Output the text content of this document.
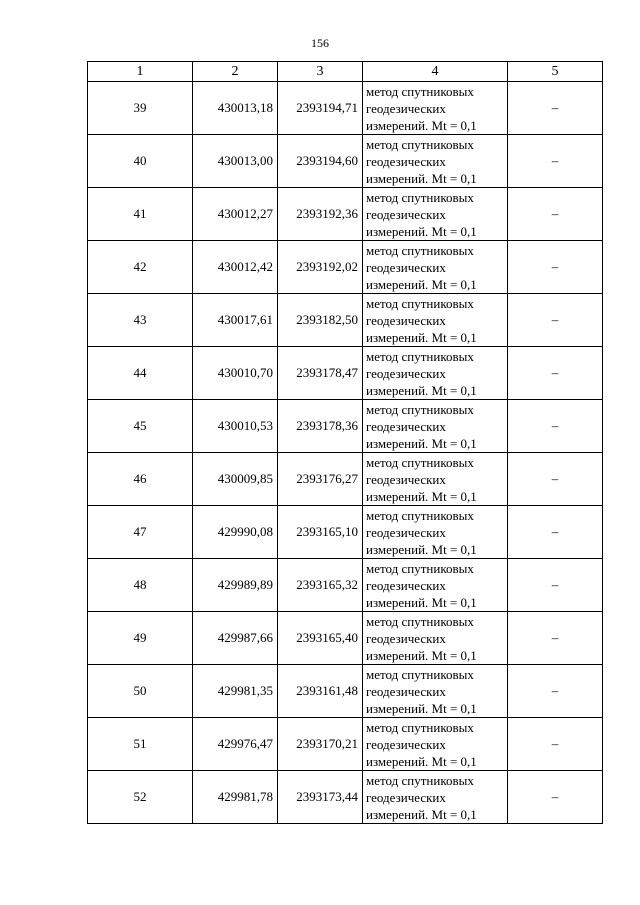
156
1	2	3	4	5
39	430013,18	2393194,71	метод спутниковых
геодезических
измерений. Mt = 0,1	–
40	430013,00	2393194,60	метод спутниковых
геодезических
измерений. Mt = 0,1	–
41	430012,27	2393192,36	метод спутниковых
геодезических
измерений. Mt = 0,1	–
42	430012,42	2393192,02	метод спутниковых
геодезических
измерений. Mt = 0,1	–
43	430017,61	2393182,50	метод спутниковых
геодезических
измерений. Mt = 0,1	–
44	430010,70	2393178,47	метод спутниковых
геодезических
измерений. Mt = 0,1	–
45	430010,53	2393178,36	метод спутниковых
геодезических
измерений. Mt = 0,1	–
46	430009,85	2393176,27	метод спутниковых
геодезических
измерений. Mt = 0,1	–
47	429990,08	2393165,10	метод спутниковых
геодезических
измерений. Mt = 0,1	–
48	429989,89	2393165,32	метод спутниковых
геодезических
измерений. Mt = 0,1	–
49	429987,66	2393165,40	метод спутниковых
геодезических
измерений. Mt = 0,1	–
50	429981,35	2393161,48	метод спутниковых
геодезических
измерений. Mt = 0,1	–
51	429976,47	2393170,21	метод спутниковых
геодезических
измерений. Mt = 0,1	–
52	429981,78	2393173,44	метод спутниковых
геодезических
измерений. Mt = 0,1	–
